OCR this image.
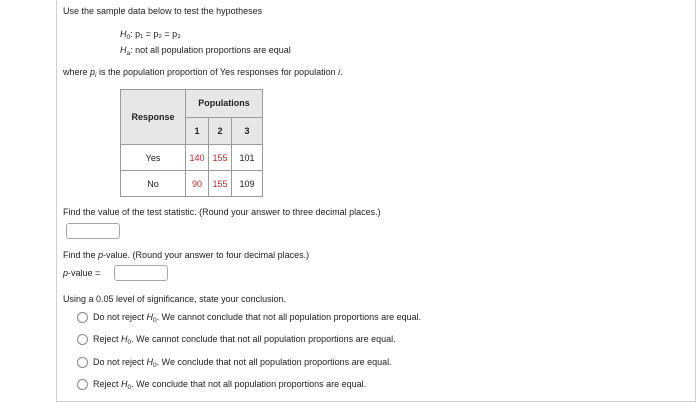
Use the sample data below to test the hypotheses
$H_0$: p₁ = p₂ = p₃
$H_a$: not all population proportions are equal
where $p_i$ is the population proportion of Yes responses for population i.
Response	Populations		
	1	2	3
Yes	140	155	101
No	90	155	109
Find the value of the test statistic. (Round your answer to three decimal places.)
Find the p-value. (Round your answer to four decimal places.)
p-value =
Using a 0.05 level of significance, state your conclusion.
Do not reject $H_0$. We cannot conclude that not all population proportions are equal.
Reject $H_0$. We cannot conclude that not all population proportions are equal.
Do not reject $H_0$. We conclude that not all population proportions are equal.
Reject $H_0$. We conclude that not all population proportions are equal.
